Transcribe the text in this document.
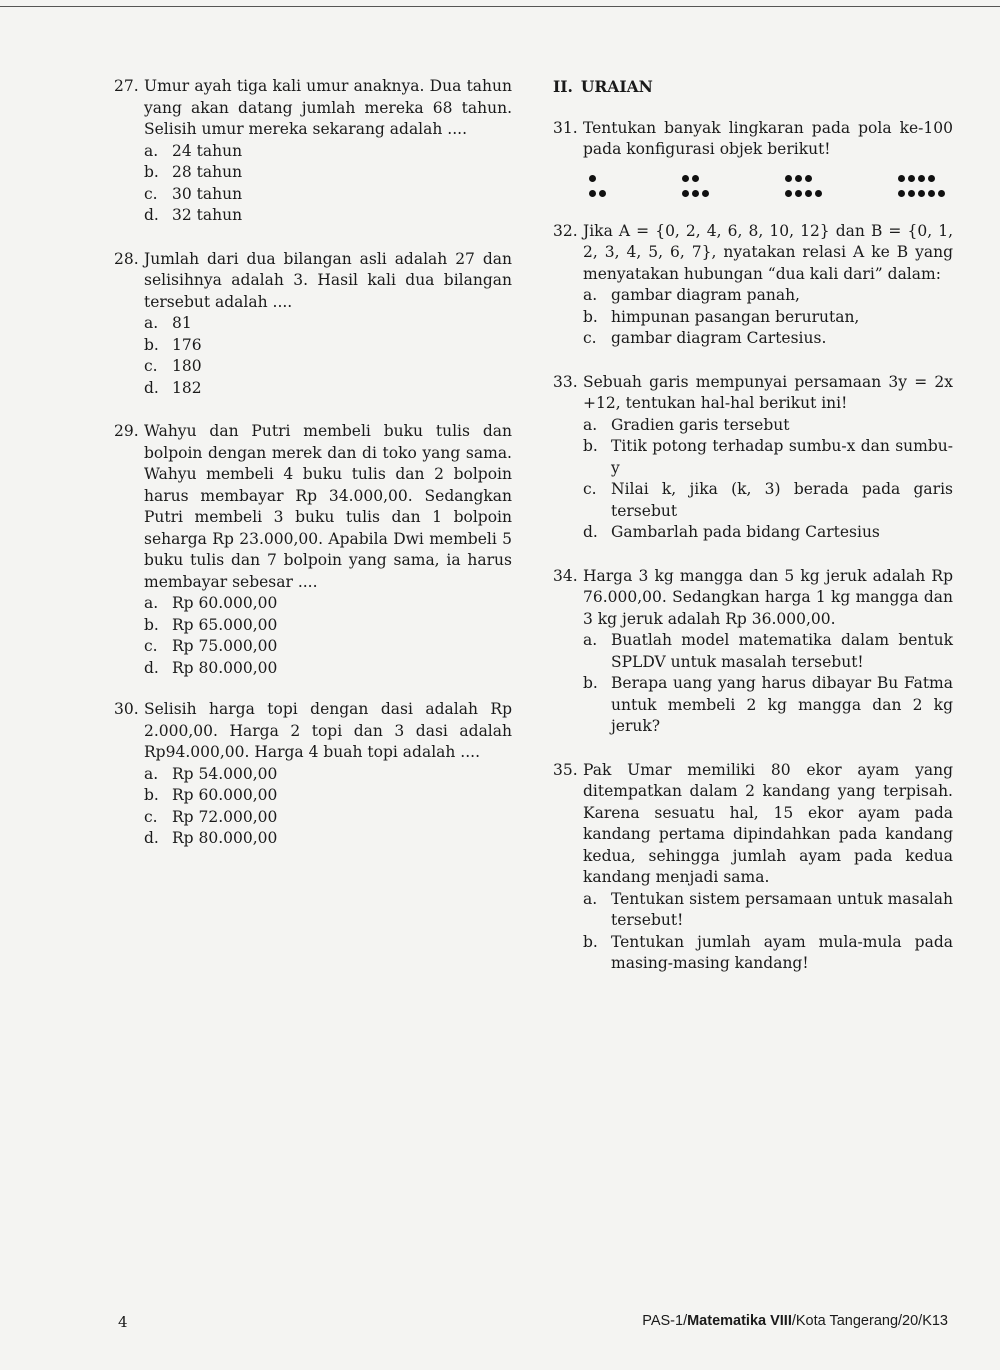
27. Umur ayah tiga kali umur anaknya. Dua tahun yang akan datang jumlah mereka 68 tahun. Selisih umur mereka sekarang adalah ....
a. 24 tahun
b. 28 tahun
c. 30 tahun
d. 32 tahun
28. Jumlah dari dua bilangan asli adalah 27 dan selisihnya adalah 3. Hasil kali dua bilangan tersebut adalah ....
a. 81
b. 176
c. 180
d. 182
29. Wahyu dan Putri membeli buku tulis dan bolpoin dengan merek dan di toko yang sama. Wahyu membeli 4 buku tulis dan 2 bolpoin harus membayar Rp 34.000,00. Sedangkan Putri membeli 3 buku tulis dan 1 bolpoin seharga Rp 23.000,00. Apabila Dwi membeli 5 buku tulis dan 7 bolpoin yang sama, ia harus membayar sebesar ....
a. Rp 60.000,00
b. Rp 65.000,00
c. Rp 75.000,00
d. Rp 80.000,00
30. Selisih harga topi dengan dasi adalah Rp 2.000,00. Harga 2 topi dan 3 dasi adalah Rp94.000,00. Harga 4 buah topi adalah ....
a. Rp 54.000,00
b. Rp 60.000,00
c. Rp 72.000,00
d. Rp 80.000,00
II. URAIAN
31. Tentukan banyak lingkaran pada pola ke-100 pada konfigurasi objek berikut!
32. Jika A = {0, 2, 4, 6, 8, 10, 12} dan B = {0, 1, 2, 3, 4, 5, 6, 7}, nyatakan relasi A ke B yang menyatakan hubungan “dua kali dari” dalam:
a. gambar diagram panah,
b. himpunan pasangan berurutan,
c. gambar diagram Cartesius.
33. Sebuah garis mempunyai persamaan 3y = 2x +12, tentukan hal-hal berikut ini!
a. Gradien garis tersebut
b. Titik potong terhadap sumbu-x dan sumbu-y
c. Nilai k, jika (k, 3) berada pada garis tersebut
d. Gambarlah pada bidang Cartesius
34. Harga 3 kg mangga dan 5 kg jeruk adalah Rp 76.000,00. Sedangkan harga 1 kg mangga dan 3 kg jeruk adalah Rp 36.000,00.
a. Buatlah model matematika dalam bentuk SPLDV untuk masalah tersebut!
b. Berapa uang yang harus dibayar Bu Fatma untuk membeli 2 kg mangga dan 2 kg jeruk?
35. Pak Umar memiliki 80 ekor ayam yang ditempatkan dalam 2 kandang yang terpisah. Karena sesuatu hal, 15 ekor ayam pada kandang pertama dipindahkan pada kandang kedua, sehingga jumlah ayam pada kedua kandang menjadi sama.
a. Tentukan sistem persamaan untuk masalah tersebut!
b. Tentukan jumlah ayam mula-mula pada masing-masing kandang!
4	PAS-1/Matematika VIII/Kota Tangerang/20/K13
